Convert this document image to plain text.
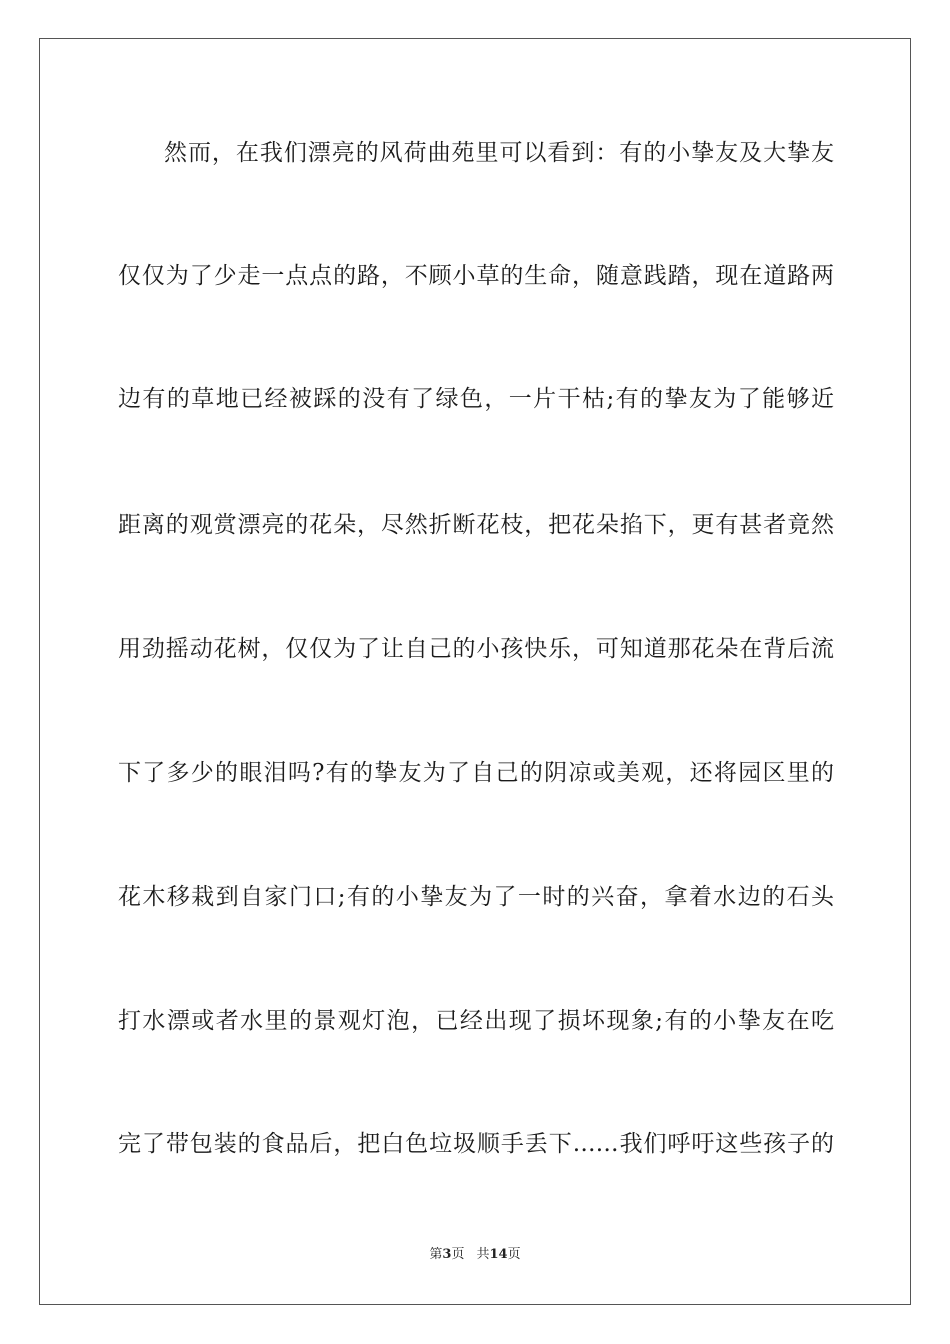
然而，在我们漂亮的风荷曲苑里可以看到：有的小挚友及大挚友
仅仅为了少走一点点的路，不顾小草的生命，随意践踏，现在道路两
边有的草地已经被踩的没有了绿色，一片干枯;有的挚友为了能够近
距离的观赏漂亮的花朵，尽然折断花枝，把花朵掐下，更有甚者竟然
用劲摇动花树，仅仅为了让自己的小孩快乐，可知道那花朵在背后流
下了多少的眼泪吗?有的挚友为了自己的阴凉或美观，还将园区里的
花木移栽到自家门口;有的小挚友为了一时的兴奋，拿着水边的石头
打水漂或者水里的景观灯泡，已经出现了损坏现象;有的小挚友在吃
完了带包装的食品后，把白色垃圾顺手丢下……我们呼吁这些孩子的
第3页 共14页
